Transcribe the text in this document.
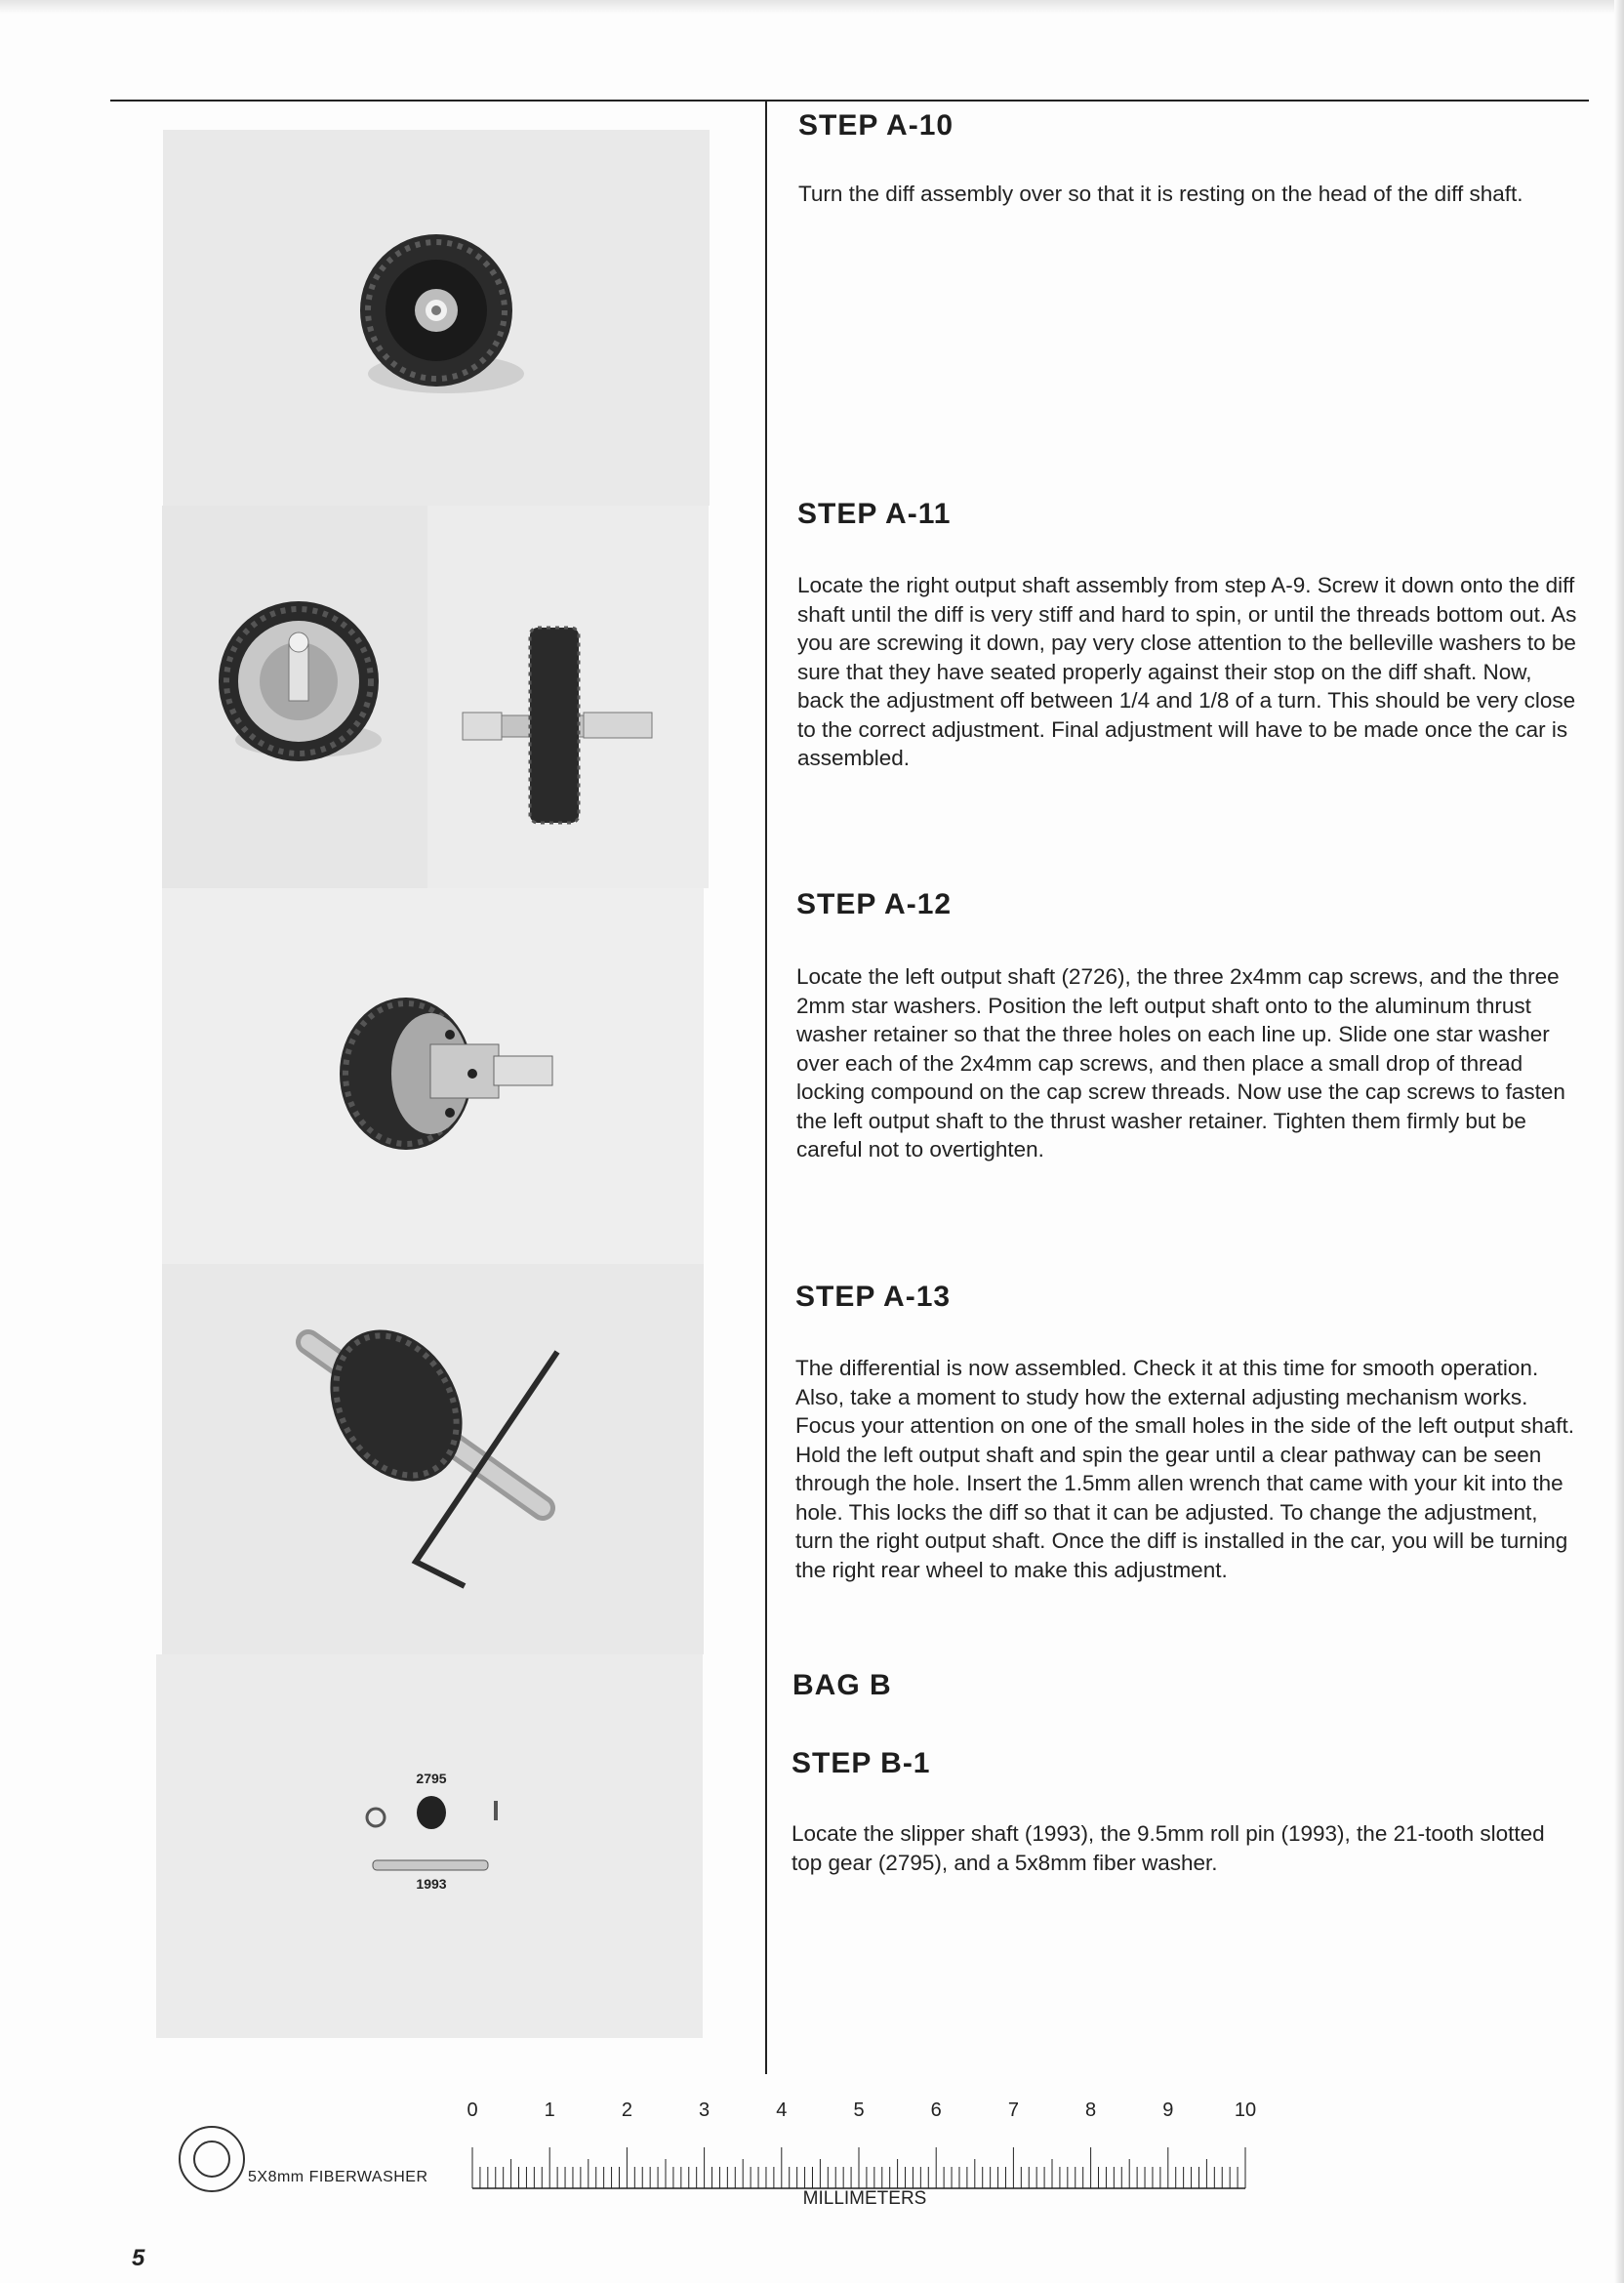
2795
1993
STEP A-10

Turn the diff assembly over so that it is resting on the head of the diff shaft.

STEP A-11

Locate the right output shaft assembly from step A-9. Screw it down onto the diff shaft until the diff is very stiff and hard to spin, or until the threads bottom out. As you are screwing it down, pay very close attention to the belleville washers to be sure that they have seated properly against their stop on the diff shaft. Now, back the adjustment off between 1/4 and 1/8 of a turn. This should be very close to the correct adjustment. Final adjustment will have to be made once the car is assembled.

STEP A-12

Locate the left output shaft (2726), the three 2x4mm cap screws, and the three 2mm star washers. Position the left output shaft onto to the aluminum thrust washer retainer so that the three holes on each line up. Slide one star washer over each of the 2x4mm cap screws, and then place a small drop of thread locking compound on the cap screw threads. Now use the cap screws to fasten the left output shaft to the thrust washer retainer. Tighten them firmly but be careful not to overtighten.

STEP A-13

The differential is now assembled. Check it at this time for smooth operation. Also, take a moment to study how the external adjusting mechanism works. Focus your attention on one of the small holes in the side of the left output shaft. Hold the left output shaft and spin the gear until a clear pathway can be seen through the hole. Insert the 1.5mm allen wrench that came with your kit into the hole. This locks the diff so that it can be adjusted. To change the adjustment, turn the right output shaft. Once the diff is installed in the car, you will be turning the right rear wheel to make this adjustment.

BAG B
STEP B-1

Locate the slipper shaft (1993), the 9.5mm roll pin (1993), the 21-tooth slotted top gear (2795), and a 5x8mm fiber washer.

5X8mm FIBERWASHER
0	1	2	3	4	5	6	7	8	9	10
MILLIMETERS
5
